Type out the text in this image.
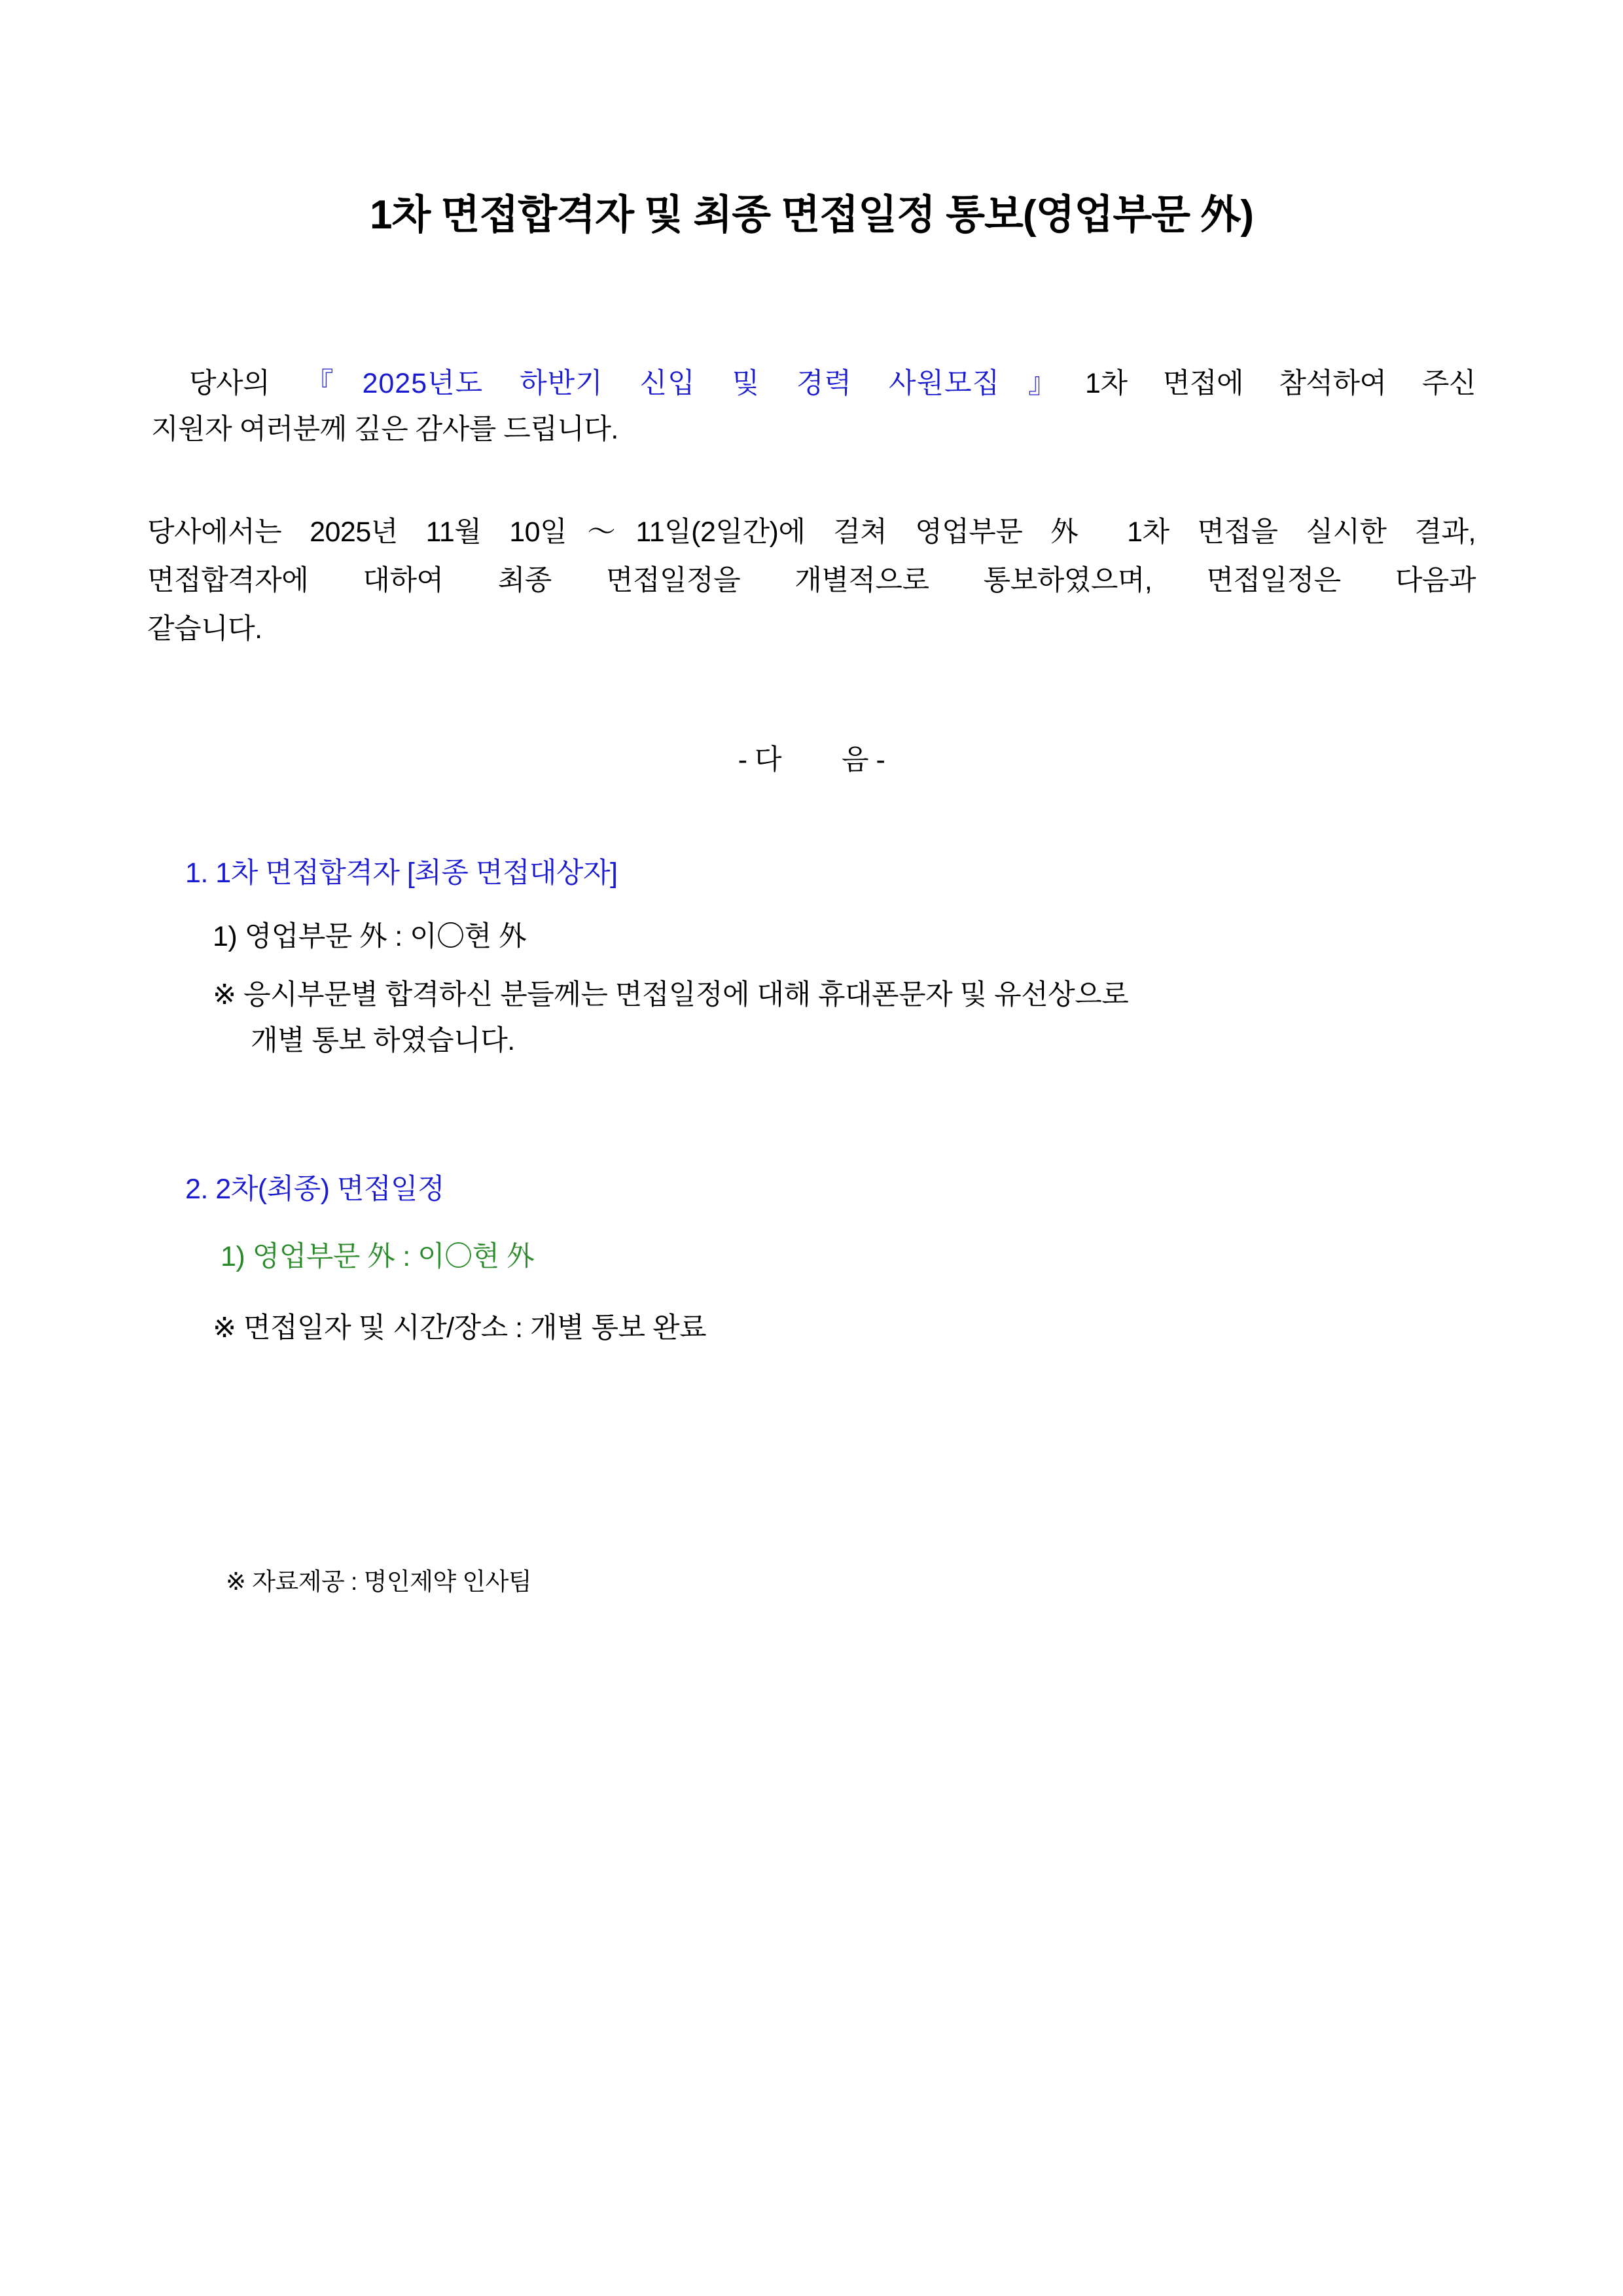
1차 면접합격자 및 최종 면접일정 통보(영업부문 外)

당사의 『2025년도 하반기 신입 및 경력 사원모집』1차 면접에 참석하여 주신
지원자 여러분께 깊은 감사를 드립니다.

당사에서는 2025년 11월 10일～11일(2일간)에 걸쳐 영업부문 外 1차 면접을 실시한 결과,
면접합격자에 대하여 최종 면접일정을 개별적으로 통보하였으며, 면접일정은 다음과
같습니다.

- 다 음 -
1. 1차 면접합격자 [최종 면접대상자]
1) 영업부문 外 : 이〇현 外
※ 응시부문별 합격하신 분들께는 면접일정에 대해 휴대폰문자 및 유선상으로
개별 통보 하였습니다.
2. 2차(최종) 면접일정
1) 영업부문 外 : 이〇현 外
※ 면접일자 및 시간/장소 : 개별 통보 완료
※ 자료제공 : 명인제약 인사팀
